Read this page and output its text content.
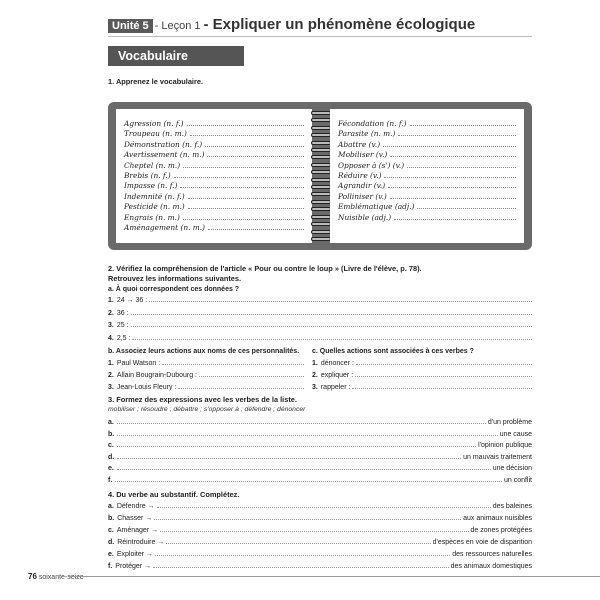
Unité 5 - Leçon 1 - Expliquer un phénomène écologique
Vocabulaire
1. Apprenez le vocabulaire.
Agression (n. f.)
Troupeau (n. m.)
Démonstration (n. f.)
Avertissement (n. m.)
Cheptel (n. m.)
Brebis (n. f.)
Impasse (n. f.)
Indemnité (n. f.)
Pesticide (n. m.)
Engrais (n. m.)
Aménagement (n. m.)
Fécondation (n. f.)
Parasite (n. m.)
Abattre (v.)
Mobiliser (v.)
Opposer à (s') (v.)
Réduire (v.)
Agrandir (v.)
Polliniser (v.)
Emblématique (adj.)
Nuisible (adj.)
2. Vérifiez la compréhension de l'article « Pour ou contre le loup » (Livre de l'élève, p. 78).
Retrouvez les informations suivantes.
a. À quoi correspondent ces données ?
1. 24 → 36 :
2. 36 :
3. 25 :
4. 2,5 :
b. Associez leurs actions aux noms de ces personnalités. c. Quelles actions sont associées à ces verbes ?
1. Paul Watson :
2. Allain Bougrain-Dubourg :
3. Jean-Louis Fleury :
1. dénoncer :
2. expliquer :
3. rappeler :
3. Formez des expressions avec les verbes de la liste.
mobiliser ; résoudre ; débattre ; s'opposer à ; défendre ; dénoncer
a.	d'un problème
b.	une cause
c.	l'opinion publique
d.	un mauvais traitement
e.	une décision
f.	un conflit
4. Du verbe au substantif. Complétez.
a. Défendre →	des baleines
b. Chasser →	aux animaux nuisibles
c. Aménager →	de zones protégées
d. Réintroduire →	d'espèces en voie de disparition
e. Exploiter →	des ressources naturelles
f. Protéger →	des animaux domestiques
76 soixante-seize
